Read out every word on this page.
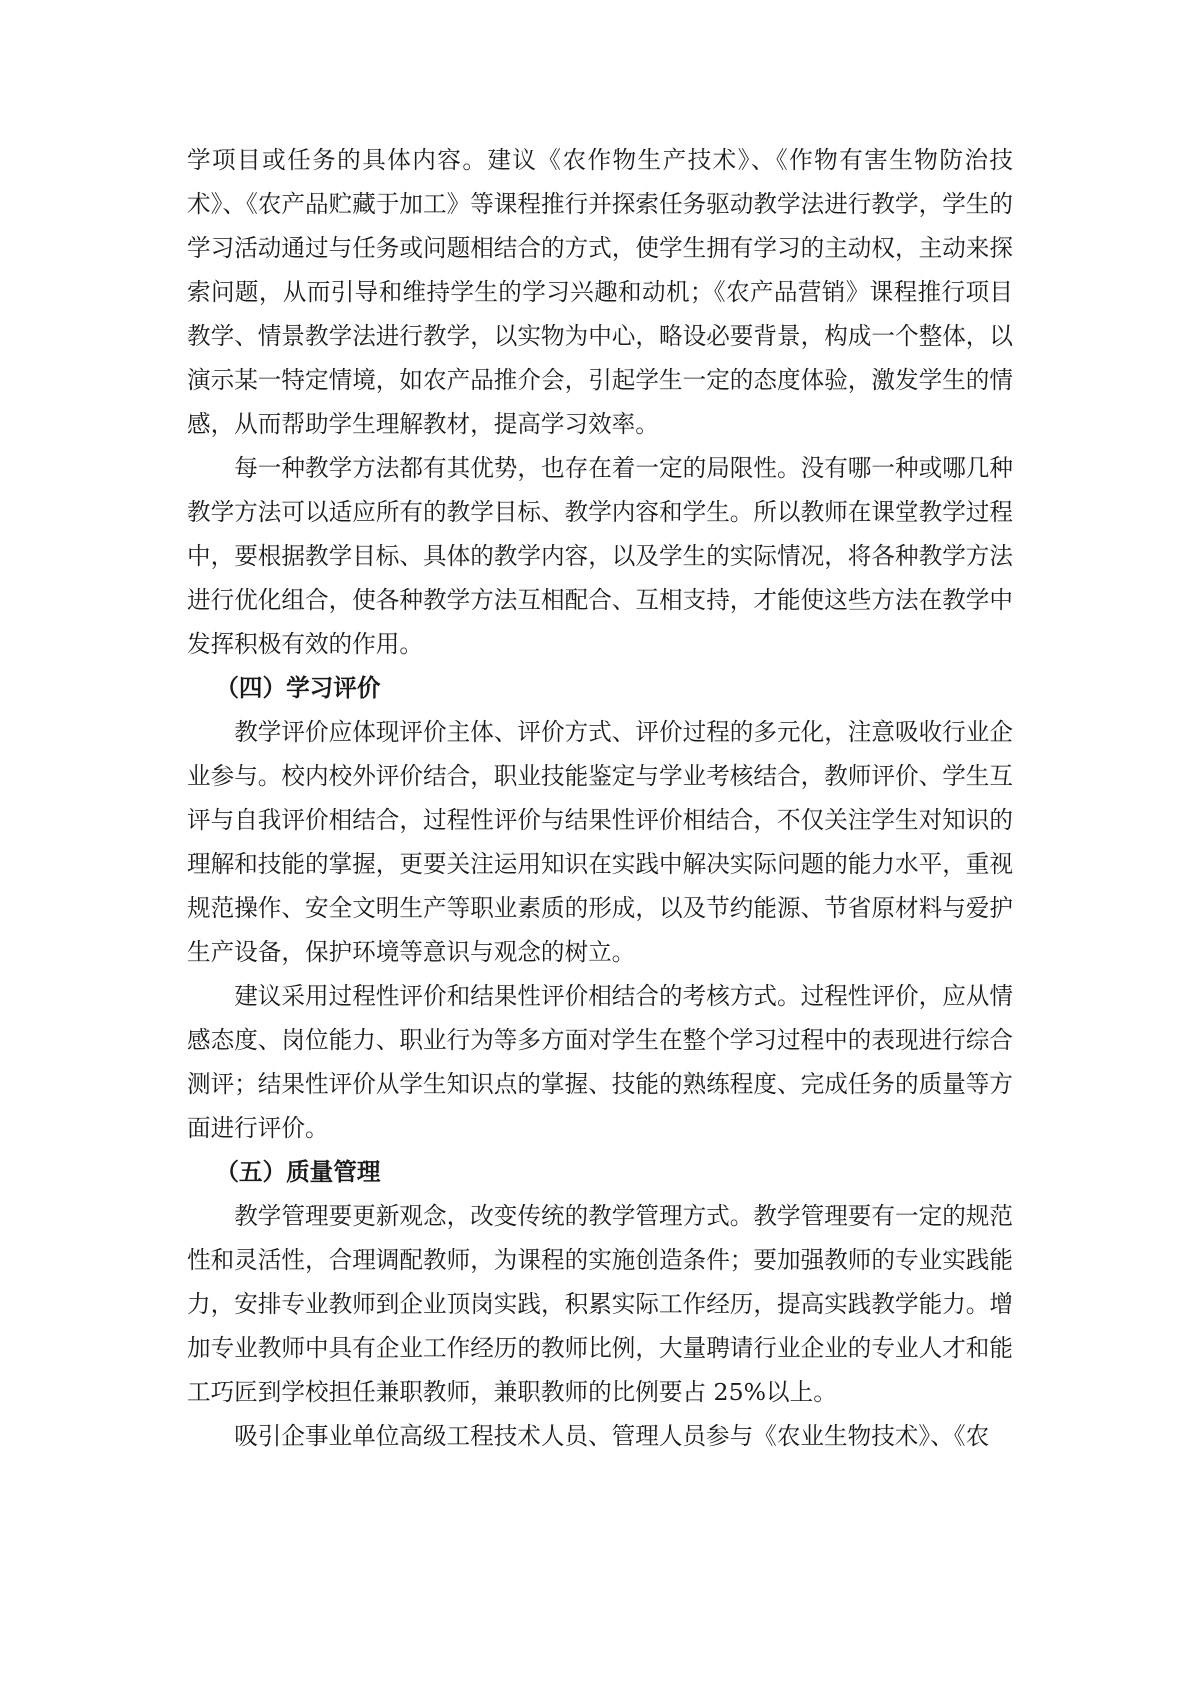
学项目或任务的具体内容。建议《农作物生产技术》、《作物有害生物防治技术》、《农产品贮藏于加工》等课程推行并探索任务驱动教学法进行教学，学生的学习活动通过与任务或问题相结合的方式，使学生拥有学习的主动权，主动来探索问题，从而引导和维持学生的学习兴趣和动机；《农产品营销》课程推行项目教学、情景教学法进行教学，以实物为中心，略设必要背景，构成一个整体，以演示某一特定情境，如农产品推介会，引起学生一定的态度体验，激发学生的情感，从而帮助学生理解教材，提高学习效率。

每一种教学方法都有其优势，也存在着一定的局限性。没有哪一种或哪几种教学方法可以适应所有的教学目标、教学内容和学生。所以教师在课堂教学过程中，要根据教学目标、具体的教学内容，以及学生的实际情况，将各种教学方法进行优化组合，使各种教学方法互相配合、互相支持，才能使这些方法在教学中发挥积极有效的作用。

（四）学习评价

教学评价应体现评价主体、评价方式、评价过程的多元化，注意吸收行业企业参与。校内校外评价结合，职业技能鉴定与学业考核结合，教师评价、学生互评与自我评价相结合，过程性评价与结果性评价相结合，不仅关注学生对知识的理解和技能的掌握，更要关注运用知识在实践中解决实际问题的能力水平，重视规范操作、安全文明生产等职业素质的形成，以及节约能源、节省原材料与爱护生产设备，保护环境等意识与观念的树立。

建议采用过程性评价和结果性评价相结合的考核方式。过程性评价，应从情感态度、岗位能力、职业行为等多方面对学生在整个学习过程中的表现进行综合测评；结果性评价从学生知识点的掌握、技能的熟练程度、完成任务的质量等方面进行评价。

（五）质量管理

教学管理要更新观念，改变传统的教学管理方式。教学管理要有一定的规范性和灵活性，合理调配教师，为课程的实施创造条件；要加强教师的专业实践能力，安排专业教师到企业顶岗实践，积累实际工作经历，提高实践教学能力。增加专业教师中具有企业工作经历的教师比例，大量聘请行业企业的专业人才和能工巧匠到学校担任兼职教师，兼职教师的比例要占 25%以上。

吸引企事业单位高级工程技术人员、管理人员参与《农业生物技术》、《农
